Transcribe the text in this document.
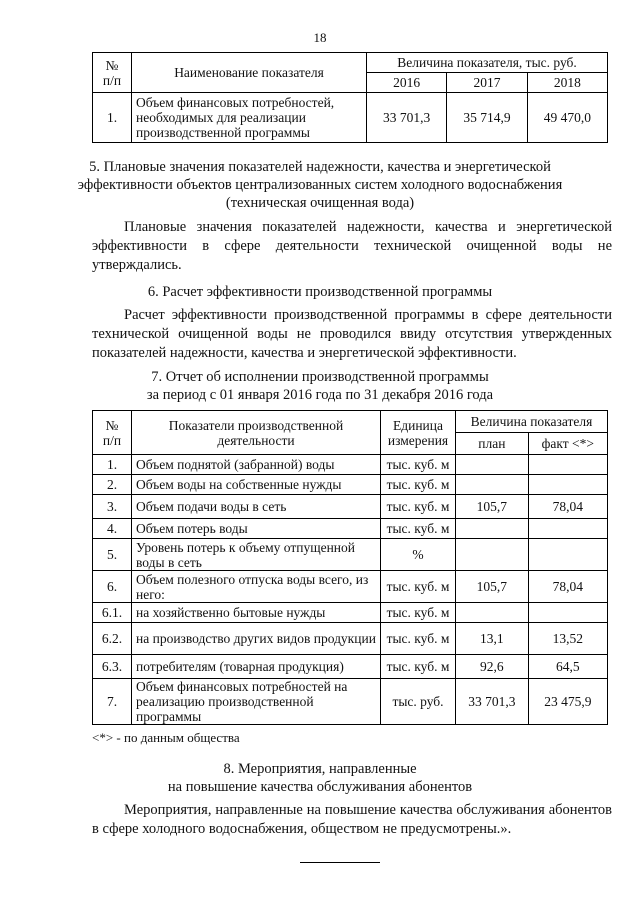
18
№
п/п	Наименование показателя	Величина показателя, тыс. руб.		
		2016	2017	2018
1.	Объем финансовых потребностей, необходимых для реализации производственной программы	33 701,3	35 714,9	49 470,0
5. Плановые значения показателей надежности, качества и энергетической эффективности объектов централизованных систем холодного водоснабжения (техническая очищенная вода)
Плановые значения показателей надежности, качества и энергетической эффективности в сфере деятельности технической очищенной воды не утверждались.
6. Расчет эффективности производственной программы
Расчет эффективности производственной программы в сфере деятельности технической очищенной воды не проводился ввиду отсутствия утвержденных показателей надежности, качества и энергетической эффективности.
7. Отчет об исполнении производственной программы
за период с 01 января 2016 года по 31 декабря 2016 года
№
п/п	Показатели производственной деятельности	Единица измерения	Величина показателя	
			план	факт <*>
1.	Объем поднятой (забранной) воды	тыс. куб. м		
2.	Объем воды на собственные нужды	тыс. куб. м		
3.	Объем подачи воды в сеть	тыс. куб. м	105,7	78,04
4.	Объем потерь воды	тыс. куб. м		
5.	Уровень потерь к объему отпущенной воды в сеть	%		
6.	Объем полезного отпуска воды всего, из него:	тыс. куб. м	105,7	78,04
6.1.	на хозяйственно бытовые нужды	тыс. куб. м		
6.2.	на производство других видов продукции	тыс. куб. м	13,1	13,52
6.3.	потребителям (товарная продукция)	тыс. куб. м	92,6	64,5
7.	Объем финансовых потребностей на реализацию производственной программы	тыс. руб.	33 701,3	23 475,9
<*> - по данным общества
8. Мероприятия, направленные
на повышение качества обслуживания абонентов
Мероприятия, направленные на повышение качества обслуживания абонентов в сфере холодного водоснабжения, обществом не предусмотрены.».
